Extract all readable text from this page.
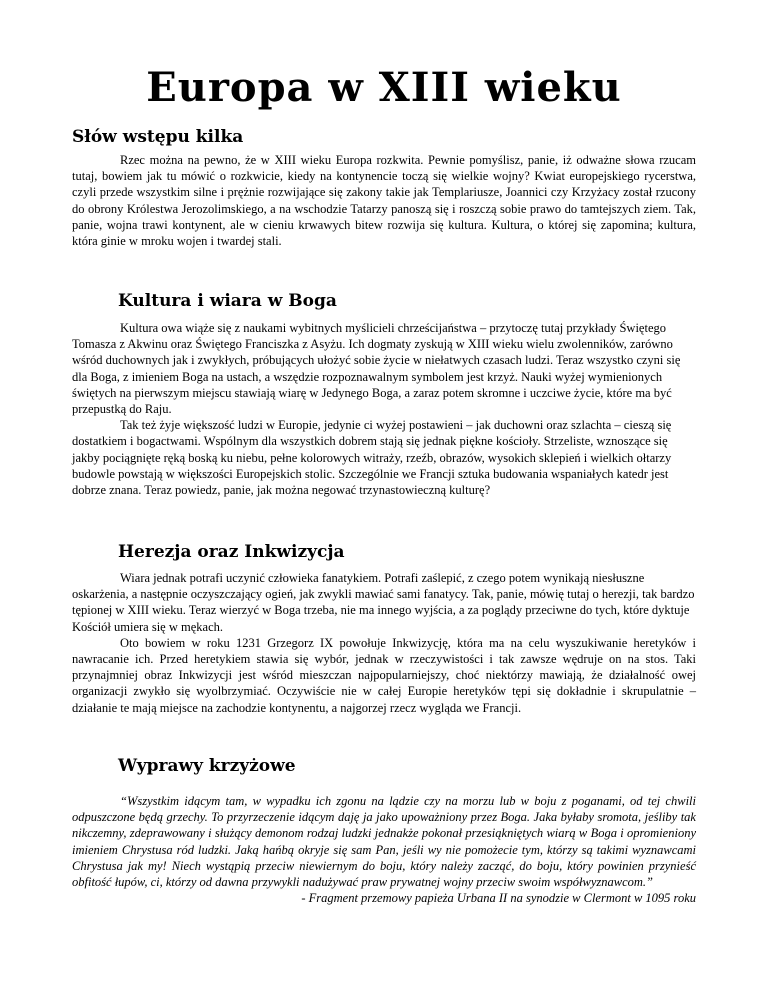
Europa w XIII wieku
Słów wstępu kilka

Rzec można na pewno, że w XIII wieku Europa rozkwita. Pewnie pomyślisz, panie, iż odważne słowa rzucam tutaj, bowiem jak tu mówić o rozkwicie, kiedy na kontynencie toczą się wielkie wojny? Kwiat europejskiego rycerstwa, czyli przede wszystkim silne i prężnie rozwijające się zakony takie jak Templariusze, Joannici czy Krzyżacy został rzucony do obrony Królestwa Jerozolimskiego, a na wschodzie Tatarzy panoszą się i roszczą sobie prawo do tamtejszych ziem. Tak, panie, wojna trawi kontynent, ale w cieniu krwawych bitew rozwija się kultura. Kultura, o której się zapomina; kultura, która ginie w mroku wojen i twardej stali.

Kultura i wiara w Boga

Kultura owa wiąże się z naukami wybitnych myślicieli chrześcijaństwa – przytoczę tutaj przykłady Świętego Tomasza z Akwinu oraz Świętego Franciszka z Asyżu. Ich dogmaty zyskują w XIII wieku wielu zwolenników, zarówno wśród duchownych jak i zwykłych, próbujących ułożyć sobie życie w niełatwych czasach ludzi. Teraz wszystko czyni się dla Boga, z imieniem Boga na ustach, a wszędzie rozpoznawalnym symbolem jest krzyż. Nauki wyżej wymienionych świętych na pierwszym miejscu stawiają wiarę w Jedynego Boga, a zaraz potem skromne i uczciwe życie, które ma być przepustką do Raju.

Tak też żyje większość ludzi w Europie, jedynie ci wyżej postawieni – jak duchowni oraz szlachta – cieszą się dostatkiem i bogactwami. Wspólnym dla wszystkich dobrem stają się jednak piękne kościoły. Strzeliste, wznoszące się jakby pociągnięte ręką boską ku niebu, pełne kolorowych witraży, rzeźb, obrazów, wysokich sklepień i wielkich ołtarzy budowle powstają w większości Europejskich stolic. Szczególnie we Francji sztuka budowania wspaniałych katedr jest dobrze znana. Teraz powiedz, panie, jak można negować trzynastowieczną kulturę?

Herezja oraz Inkwizycja

Wiara jednak potrafi uczynić człowieka fanatykiem. Potrafi zaślepić, z czego potem wynikają niesłuszne oskarżenia, a następnie oczyszczający ogień, jak zwykli mawiać sami fanatycy. Tak, panie, mówię tutaj o herezji, tak bardzo tępionej w XIII wieku. Teraz wierzyć w Boga trzeba, nie ma innego wyjścia, a za poglądy przeciwne do tych, które dyktuje Kościół umiera się w mękach.

Oto bowiem w roku 1231 Grzegorz IX powołuje Inkwizycję, która ma na celu wyszukiwanie heretyków i nawracanie ich. Przed heretykiem stawia się wybór, jednak w rzeczywistości i tak zawsze wędruje on na stos. Taki przynajmniej obraz Inkwizycji jest wśród mieszczan najpopularniejszy, choć niektórzy mawiają, że działalność owej organizacji zwykło się wyolbrzymiać. Oczywiście nie w całej Europie heretyków tępi się dokładnie i skrupulatnie – działanie te mają miejsce na zachodzie kontynentu, a najgorzej rzecz wygląda we Francji.

Wyprawy krzyżowe

“Wszystkim idącym tam, w wypadku ich zgonu na lądzie czy na morzu lub w boju z poganami, od tej chwili odpuszczone będą grzechy. To przyrzeczenie idącym daję ja jako upoważniony przez Boga. Jaka byłaby sromota, jeśliby tak nikczemny, zdeprawowany i służący demonom rodzaj ludzki jednakże pokonał przesiąkniętych wiarą w Boga i opromieniony imieniem Chrystusa ród ludzki. Jaką hańbą okryje się sam Pan, jeśli wy nie pomożecie tym, którzy są takimi wyznawcami Chrystusa jak my! Niech wystąpią przeciw niewiernym do boju, który należy zacząć, do boju, który powinien przynieść obfitość łupów, ci, którzy od dawna przywykli nadużywać praw prywatnej wojny przeciw swoim współwyznawcom.”

- Fragment przemowy papieża Urbana II na synodzie w Clermont w 1095 roku
